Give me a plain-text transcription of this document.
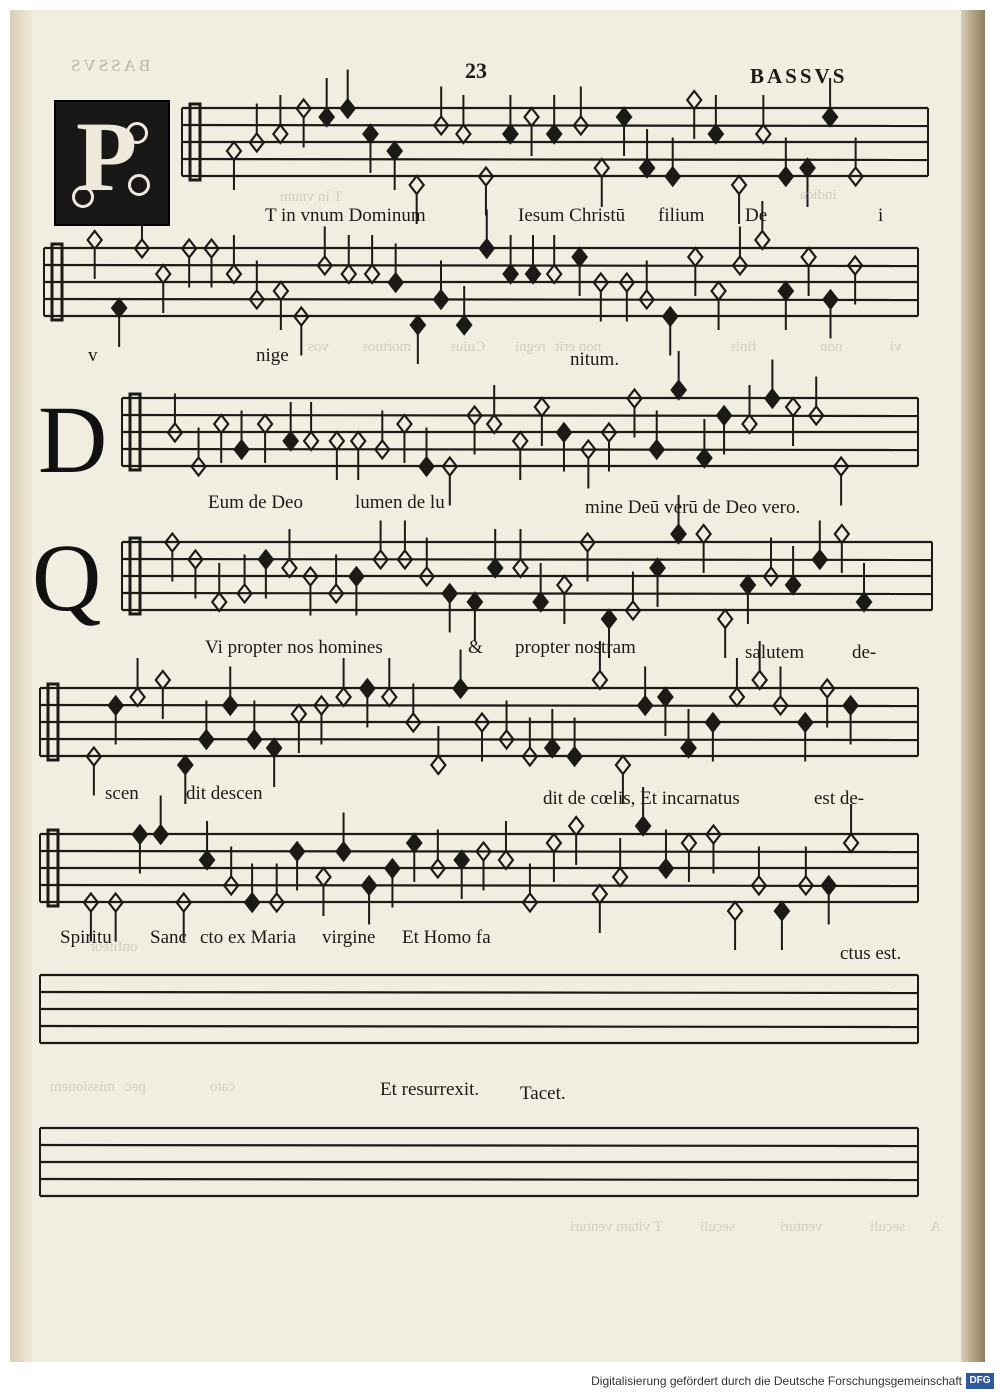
BASSVS	23	BASSVS
P
D
Q
T in vnum Dominum	Iesum Christū filium De	i
v	nige	nitum.
Eum de Deo	lumen de lu	mine Deū verū de Deo vero.
Vi propter nos homines	& propter nostram	salutem	de-
scen dit descen	dit de cœlis, Et incarnatus	est de-
Spiritu Sanc cto ex Maria virgine Et Homo fa
ctus est.
Et resurrexit. Tacet.
T in vnum	indica
vos mortuos	Cuius regni non erit	finis	non	vi
onfiteor
missionem pec	cato
T vitam venturi seculi	venturi	seculi A
Digitalisierung gefördert durch die Deutsche Forschungsgemeinschaft DFG
